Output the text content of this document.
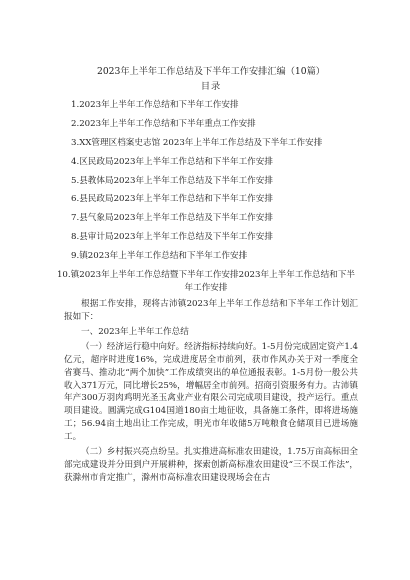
2023年上半年工作总结及下半年工作安排汇编（10篇）
目录
1.2023年上半年工作总结和下半年工作安排
2.2023年上半年工作总结和下半年重点工作安排
3.XX管理区档案史志馆 2023年上半年工作总结及下半年工作安排
4.区民政局2023年上半年工作总结和下半年工作安排
5.县教体局2023年上半年工作总结及下半年工作安排
6.县民政局2023年上半年工作总结和下半年工作安排
7.县气象局2023年上半年工作总结及下半年工作安排
8.县审计局2023年上半年工作总结及下半年工作安排
9.镇2023年上半年工作总结和下半年工作安排
10.镇2023年上半年工作总结暨下半年工作安排2023年上半年工作总结和下半年工作安排

根据工作安排，现将古沛镇2023年上半年工作总结和下半年工作计划汇报如下：

一、2023年上半年工作总结

（一）经济运行稳中向好。经济指标持续向好。1-5月份完成固定资产1.4亿元，超序时进度16%，完成进度居全市前列，获市作风办关于对一季度全省赛马、推动北“两个加快”工作成绩突出的单位通报表彰。1-5月份一般公共收入371万元，同比增长25%，增幅居全市前列。招商引资服务有力。古沛镇年产300万羽肉鸡明光圣玉禽业产业有限公司完成项目建设，投产运行。重点项目建设。圓满完成G104国道180亩土地征收，具备施工条件，即将进场施工；56.94亩土地出让工作完成，明光市年收储5万吨粮食仓储项目已进场施工。

（二）乡村振兴亮点纷呈。扎实推进高标准农田建设，1.75万亩高标田全部完成建设并分田到户开展耕种，探索创新高标准农田建设“三不误工作法”，获滁州市肯定推广，滁州市高标准农田建设现场会在古
